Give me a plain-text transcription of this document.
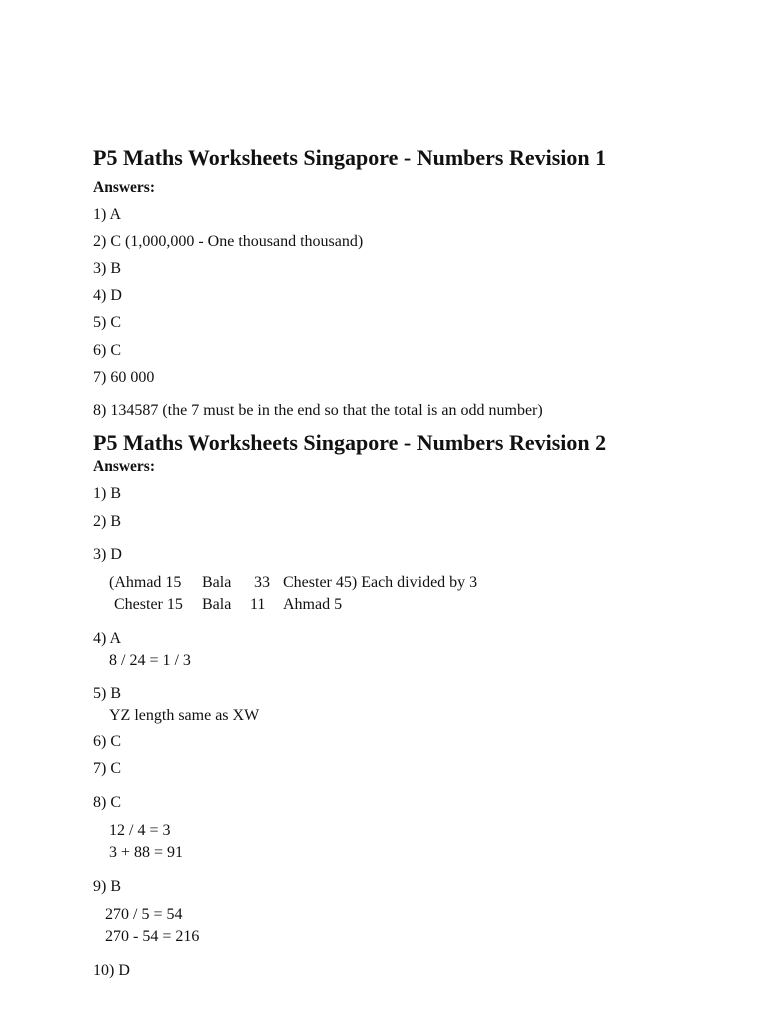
P5 Maths Worksheets Singapore - Numbers Revision 1
Answers:
1) A
2) C (1,000,000 - One thousand thousand)
3) B
4) D
5) C
6) C
7) 60 000
8) 134587 (the 7 must be in the end so that the total is an odd number)
P5 Maths Worksheets Singapore - Numbers Revision 2
Answers:
1) B
2) B
3) D
(Ahmad 15 Bala 33 Chester 45) Each divided by 3
Chester 15 Bala 11 Ahmad 5
4) A
8 / 24 = 1 / 3
5) B
YZ length same as XW
6) C
7) C
8) C
12 / 4 = 3
3 + 88 = 91
9) B
270 / 5 = 54
270 - 54 = 216
10) D
